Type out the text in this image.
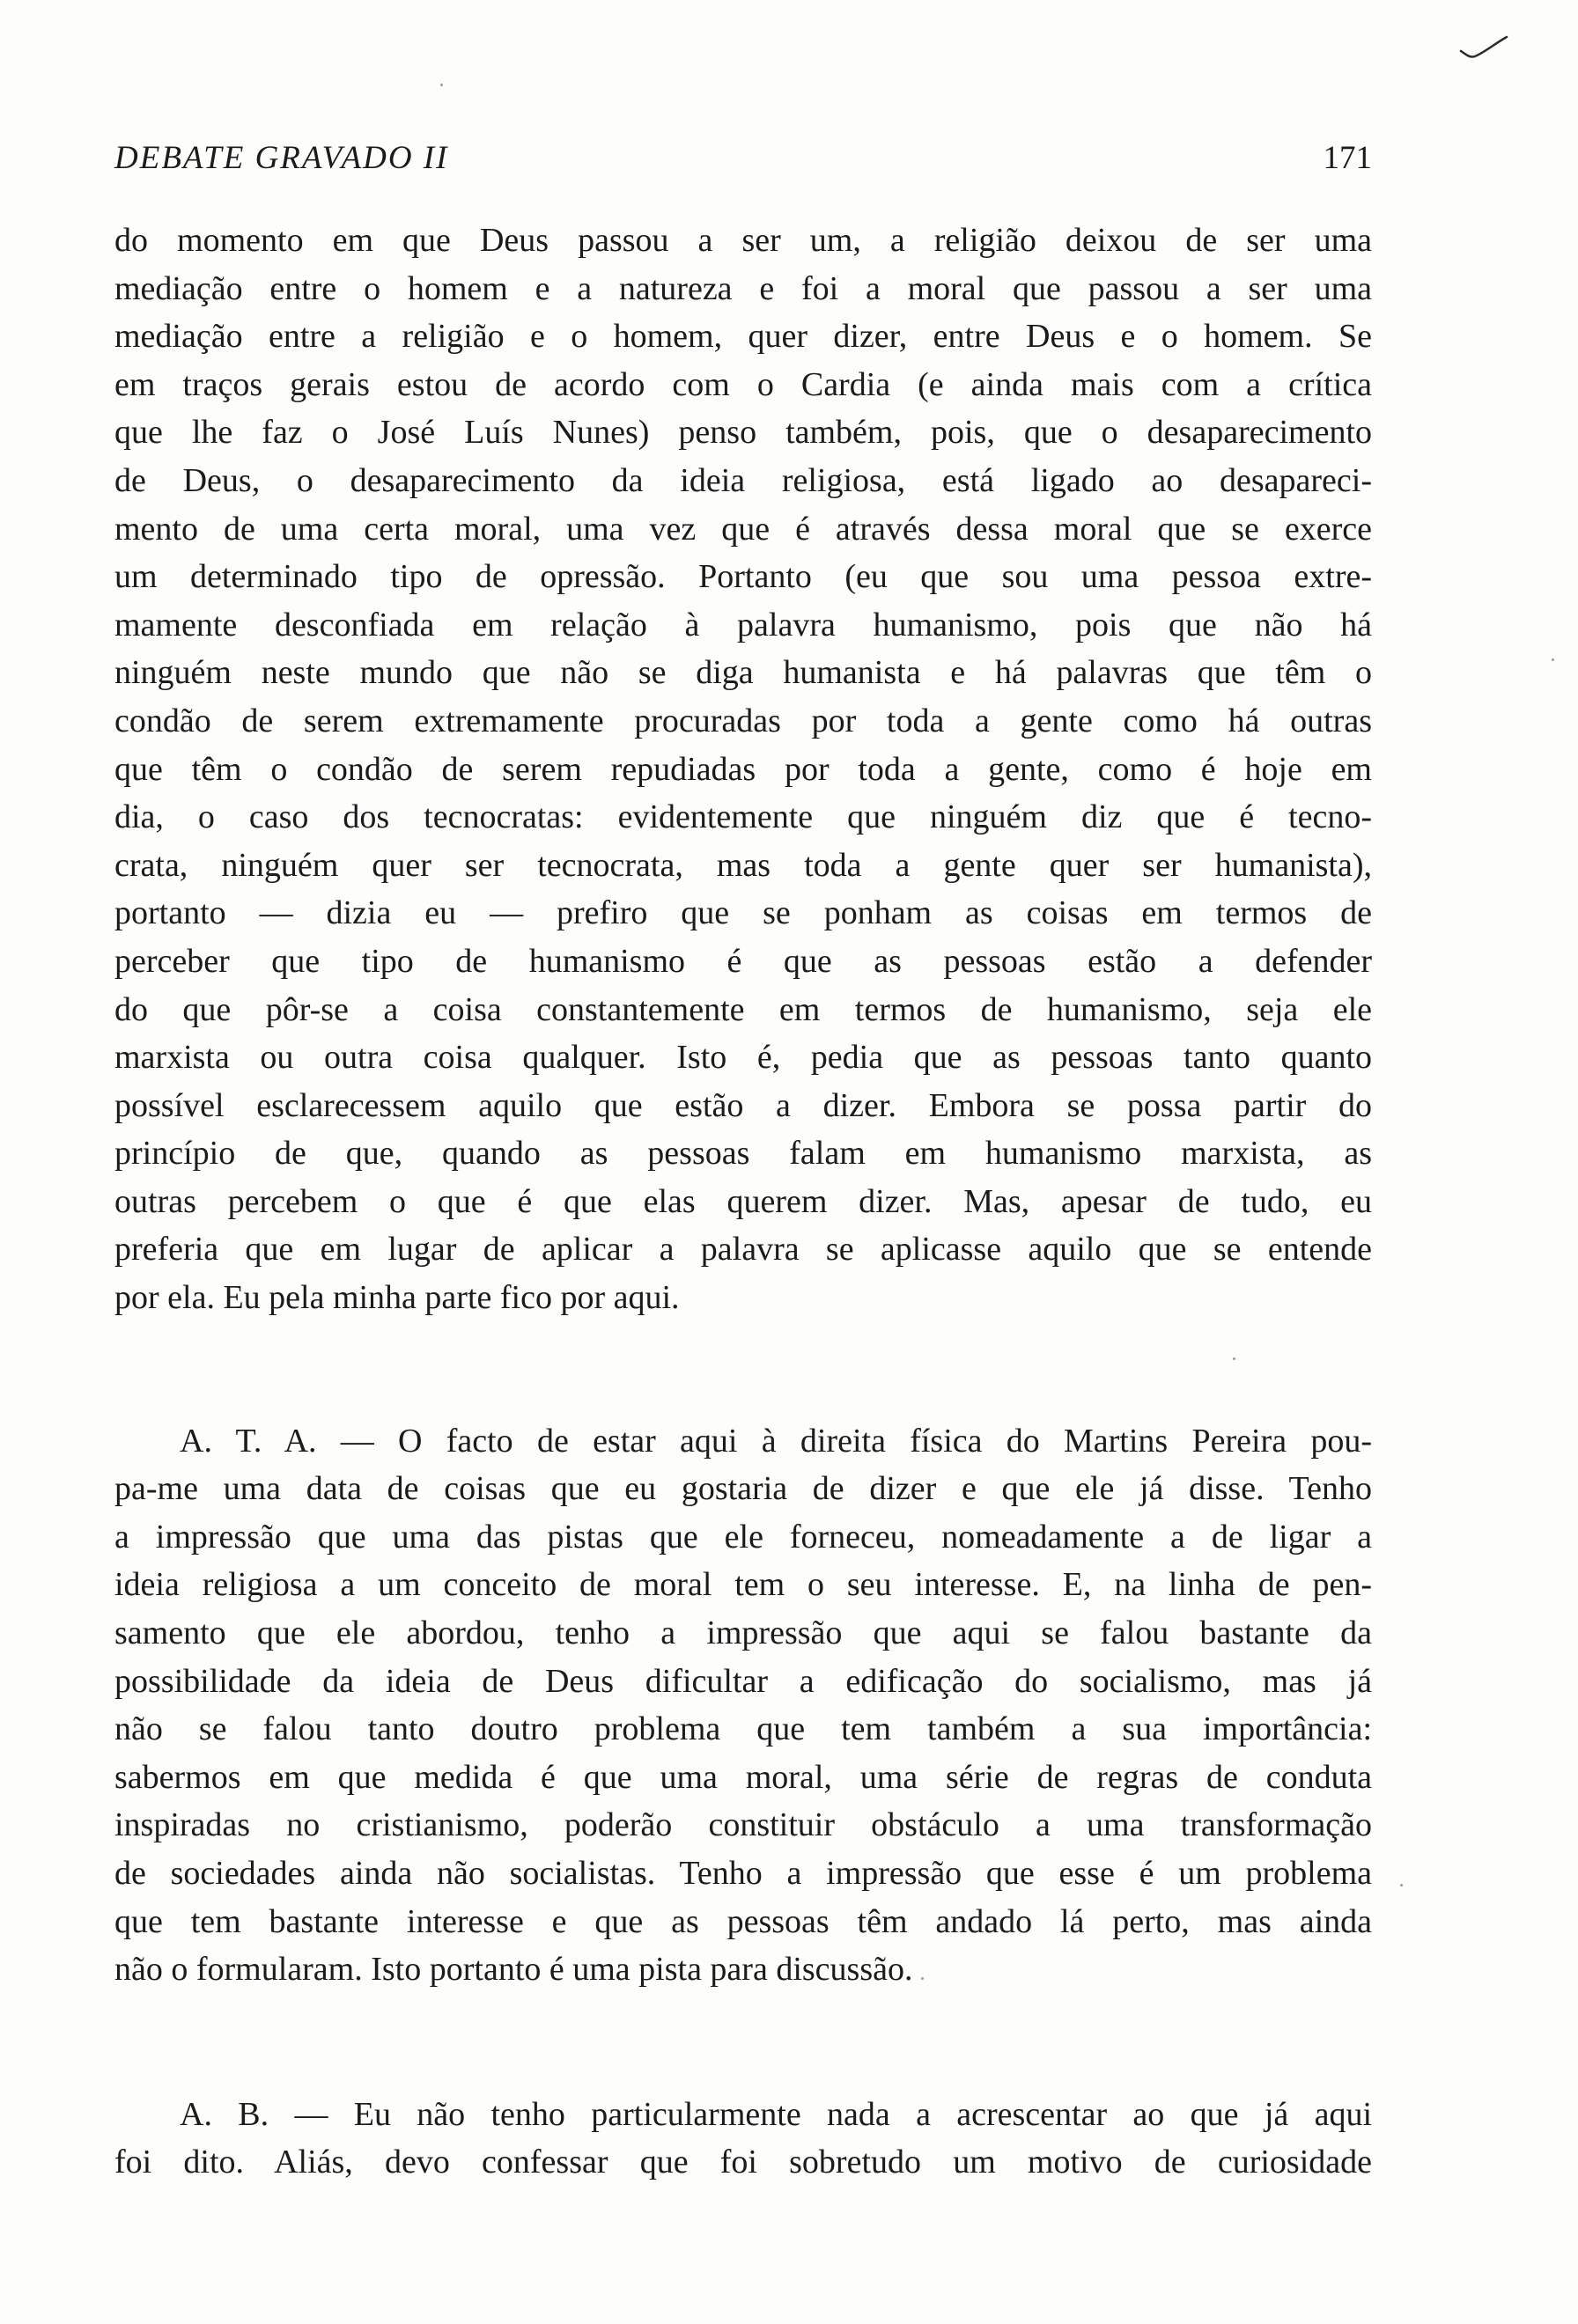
DEBATE GRAVADO II	171

do momento em que Deus passou a ser um, a religião deixou de ser uma
mediação entre o homem e a natureza e foi a moral que passou a ser uma
mediação entre a religião e o homem, quer dizer, entre Deus e o homem. Se
em traços gerais estou de acordo com o Cardia (e ainda mais com a crítica
que lhe faz o José Luís Nunes) penso também, pois, que o desaparecimento
de Deus, o desaparecimento da ideia religiosa, está ligado ao desapareci-
mento de uma certa moral, uma vez que é através dessa moral que se exerce
um determinado tipo de opressão. Portanto (eu que sou uma pessoa extre-
mamente desconfiada em relação à palavra humanismo, pois que não há
ninguém neste mundo que não se diga humanista e há palavras que têm o
condão de serem extremamente procuradas por toda a gente como há outras
que têm o condão de serem repudiadas por toda a gente, como é hoje em
dia, o caso dos tecnocratas: evidentemente que ninguém diz que é tecno-
crata, ninguém quer ser tecnocrata, mas toda a gente quer ser humanista),
portanto — dizia eu — prefiro que se ponham as coisas em termos de
perceber que tipo de humanismo é que as pessoas estão a defender
do que pôr-se a coisa constantemente em termos de humanismo, seja ele
marxista ou outra coisa qualquer. Isto é, pedia que as pessoas tanto quanto
possível esclarecessem aquilo que estão a dizer. Embora se possa partir do
princípio de que, quando as pessoas falam em humanismo marxista, as
outras percebem o que é que elas querem dizer. Mas, apesar de tudo, eu
preferia que em lugar de aplicar a palavra se aplicasse aquilo que se entende
por ela. Eu pela minha parte fico por aqui.

A. T. A. — O facto de estar aqui à direita física do Martins Pereira pou-
pa-me uma data de coisas que eu gostaria de dizer e que ele já disse. Tenho
a impressão que uma das pistas que ele forneceu, nomeadamente a de ligar a
ideia religiosa a um conceito de moral tem o seu interesse. E, na linha de pen-
samento que ele abordou, tenho a impressão que aqui se falou bastante da
possibilidade da ideia de Deus dificultar a edificação do socialismo, mas já
não se falou tanto doutro problema que tem também a sua importância:
sabermos em que medida é que uma moral, uma série de regras de conduta
inspiradas no cristianismo, poderão constituir obstáculo a uma transformação
de sociedades ainda não socialistas. Tenho a impressão que esse é um problema
que tem bastante interesse e que as pessoas têm andado lá perto, mas ainda
não o formularam. Isto portanto é uma pista para discussão.

A. B. — Eu não tenho particularmente nada a acrescentar ao que já aqui
foi dito. Aliás, devo confessar que foi sobretudo um motivo de curiosidade
